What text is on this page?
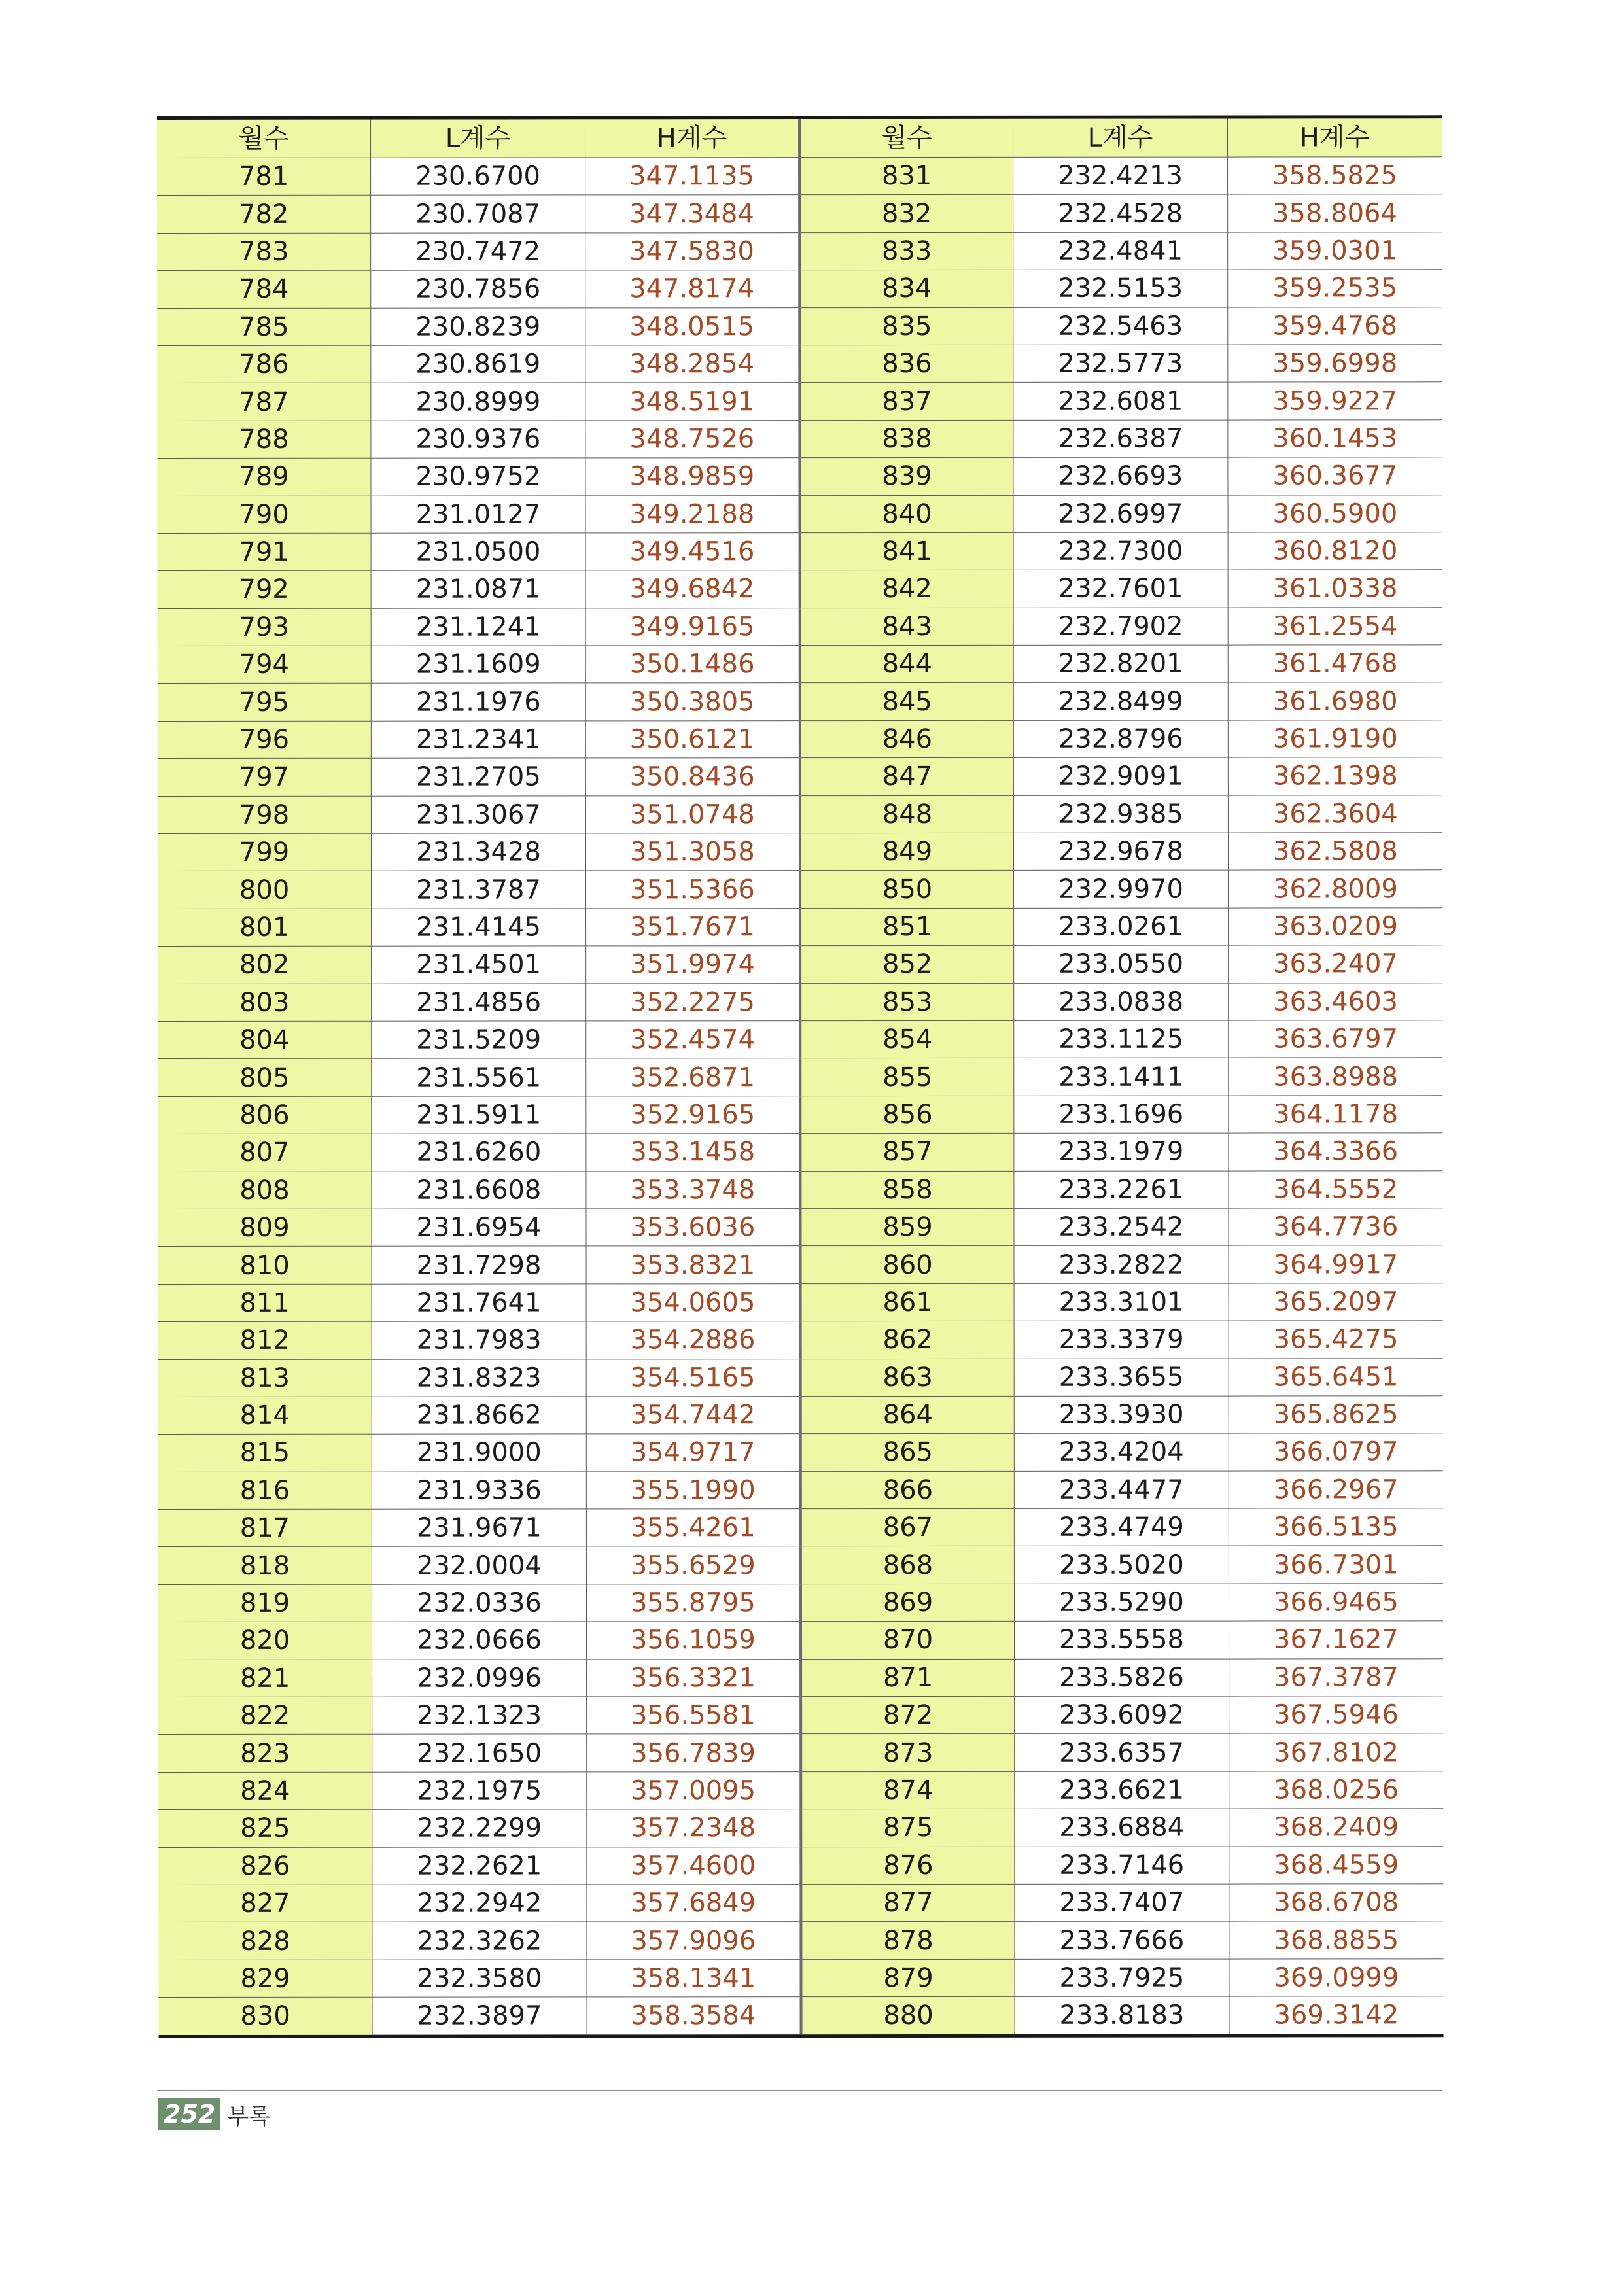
월수	L계수	H계수	월수	L계수	H계수
781	230.6700	347.1135	831	232.4213	358.5825
782	230.7087	347.3484	832	232.4528	358.8064
783	230.7472	347.5830	833	232.4841	359.0301
784	230.7856	347.8174	834	232.5153	359.2535
785	230.8239	348.0515	835	232.5463	359.4768
786	230.8619	348.2854	836	232.5773	359.6998
787	230.8999	348.5191	837	232.6081	359.9227
788	230.9376	348.7526	838	232.6387	360.1453
789	230.9752	348.9859	839	232.6693	360.3677
790	231.0127	349.2188	840	232.6997	360.5900
791	231.0500	349.4516	841	232.7300	360.8120
792	231.0871	349.6842	842	232.7601	361.0338
793	231.1241	349.9165	843	232.7902	361.2554
794	231.1609	350.1486	844	232.8201	361.4768
795	231.1976	350.3805	845	232.8499	361.6980
796	231.2341	350.6121	846	232.8796	361.9190
797	231.2705	350.8436	847	232.9091	362.1398
798	231.3067	351.0748	848	232.9385	362.3604
799	231.3428	351.3058	849	232.9678	362.5808
800	231.3787	351.5366	850	232.9970	362.8009
801	231.4145	351.7671	851	233.0261	363.0209
802	231.4501	351.9974	852	233.0550	363.2407
803	231.4856	352.2275	853	233.0838	363.4603
804	231.5209	352.4574	854	233.1125	363.6797
805	231.5561	352.6871	855	233.1411	363.8988
806	231.5911	352.9165	856	233.1696	364.1178
807	231.6260	353.1458	857	233.1979	364.3366
808	231.6608	353.3748	858	233.2261	364.5552
809	231.6954	353.6036	859	233.2542	364.7736
810	231.7298	353.8321	860	233.2822	364.9917
811	231.7641	354.0605	861	233.3101	365.2097
812	231.7983	354.2886	862	233.3379	365.4275
813	231.8323	354.5165	863	233.3655	365.6451
814	231.8662	354.7442	864	233.3930	365.8625
815	231.9000	354.9717	865	233.4204	366.0797
816	231.9336	355.1990	866	233.4477	366.2967
817	231.9671	355.4261	867	233.4749	366.5135
818	232.0004	355.6529	868	233.5020	366.7301
819	232.0336	355.8795	869	233.5290	366.9465
820	232.0666	356.1059	870	233.5558	367.1627
821	232.0996	356.3321	871	233.5826	367.3787
822	232.1323	356.5581	872	233.6092	367.5946
823	232.1650	356.7839	873	233.6357	367.8102
824	232.1975	357.0095	874	233.6621	368.0256
825	232.2299	357.2348	875	233.6884	368.2409
826	232.2621	357.4600	876	233.7146	368.4559
827	232.2942	357.6849	877	233.7407	368.6708
828	232.3262	357.9096	878	233.7666	368.8855
829	232.3580	358.1341	879	233.7925	369.0999
830	232.3897	358.3584	880	233.8183	369.3142
252 부록
